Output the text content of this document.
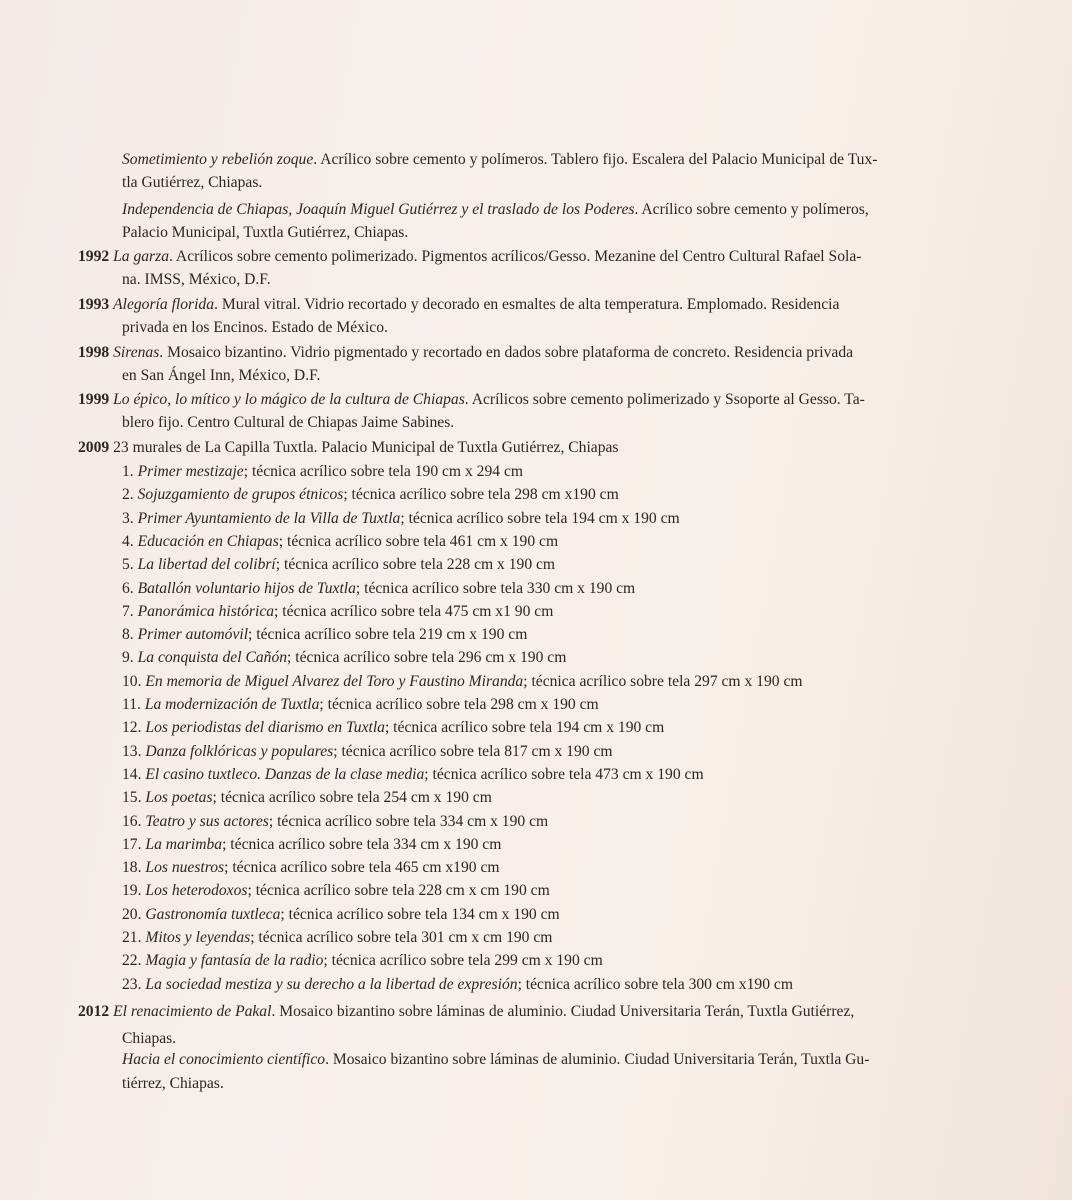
Sometimiento y rebelión zoque. Acrílico sobre cemento y polímeros. Tablero fijo. Escalera del Palacio Municipal de Tux-
tla Gutiérrez, Chiapas.
Independencia de Chiapas, Joaquín Miguel Gutiérrez y el traslado de los Poderes. Acrílico sobre cemento y polímeros,
Palacio Municipal, Tuxtla Gutiérrez, Chiapas.
1992 La garza. Acrílicos sobre cemento polimerizado. Pigmentos acrílicos/Gesso. Mezanine del Centro Cultural Rafael Sola-
na. IMSS, México, D.F.
1993 Alegoría florida. Mural vitral. Vidrio recortado y decorado en esmaltes de alta temperatura. Emplomado. Residencia
privada en los Encinos. Estado de México.
1998 Sirenas. Mosaico bizantino. Vidrio pigmentado y recortado en dados sobre plataforma de concreto. Residencia privada
en San Ángel Inn, México, D.F.
1999 Lo épico, lo mítico y lo mágico de la cultura de Chiapas. Acrílicos sobre cemento polimerizado y Ssoporte al Gesso. Ta-
blero fijo. Centro Cultural de Chiapas Jaime Sabines.
2009 23 murales de La Capilla Tuxtla. Palacio Municipal de Tuxtla Gutiérrez, Chiapas
1. Primer mestizaje; técnica acrílico sobre tela 190 cm x 294 cm
2. Sojuzgamiento de grupos étnicos; técnica acrílico sobre tela 298 cm x190 cm
3. Primer Ayuntamiento de la Villa de Tuxtla; técnica acrílico sobre tela 194 cm x 190 cm
4. Educación en Chiapas; técnica acrílico sobre tela 461 cm x 190 cm
5. La libertad del colibrí; técnica acrílico sobre tela 228 cm x 190 cm
6. Batallón voluntario hijos de Tuxtla; técnica acrílico sobre tela 330 cm x 190 cm
7. Panorámica histórica; técnica acrílico sobre tela 475 cm x1 90 cm
8. Primer automóvil; técnica acrílico sobre tela 219 cm x 190 cm
9. La conquista del Cañón; técnica acrílico sobre tela 296 cm x 190 cm
10. En memoria de Miguel Alvarez del Toro y Faustino Miranda; técnica acrílico sobre tela 297 cm x 190 cm
11. La modernización de Tuxtla; técnica acrílico sobre tela 298 cm x 190 cm
12. Los periodistas del diarismo en Tuxtla; técnica acrílico sobre tela 194 cm x 190 cm
13. Danza folklóricas y populares; técnica acrílico sobre tela 817 cm x 190 cm
14. El casino tuxtleco. Danzas de la clase media; técnica acrílico sobre tela 473 cm x 190 cm
15. Los poetas; técnica acrílico sobre tela 254 cm x 190 cm
16. Teatro y sus actores; técnica acrílico sobre tela 334 cm x 190 cm
17. La marimba; técnica acrílico sobre tela 334 cm x 190 cm
18. Los nuestros; técnica acrílico sobre tela 465 cm x190 cm
19. Los heterodoxos; técnica acrílico sobre tela 228 cm x cm 190 cm
20. Gastronomía tuxtleca; técnica acrílico sobre tela 134 cm x 190 cm
21. Mitos y leyendas; técnica acrílico sobre tela 301 cm x cm 190 cm
22. Magia y fantasía de la radio; técnica acrílico sobre tela 299 cm x 190 cm
23. La sociedad mestiza y su derecho a la libertad de expresión; técnica acrílico sobre tela 300 cm x190 cm
2012 El renacimiento de Pakal. Mosaico bizantino sobre láminas de aluminio. Ciudad Universitaria Terán, Tuxtla Gutiérrez,
Chiapas.
Hacia el conocimiento científico. Mosaico bizantino sobre láminas de aluminio. Ciudad Universitaria Terán, Tuxtla Gu-
tiérrez, Chiapas.
